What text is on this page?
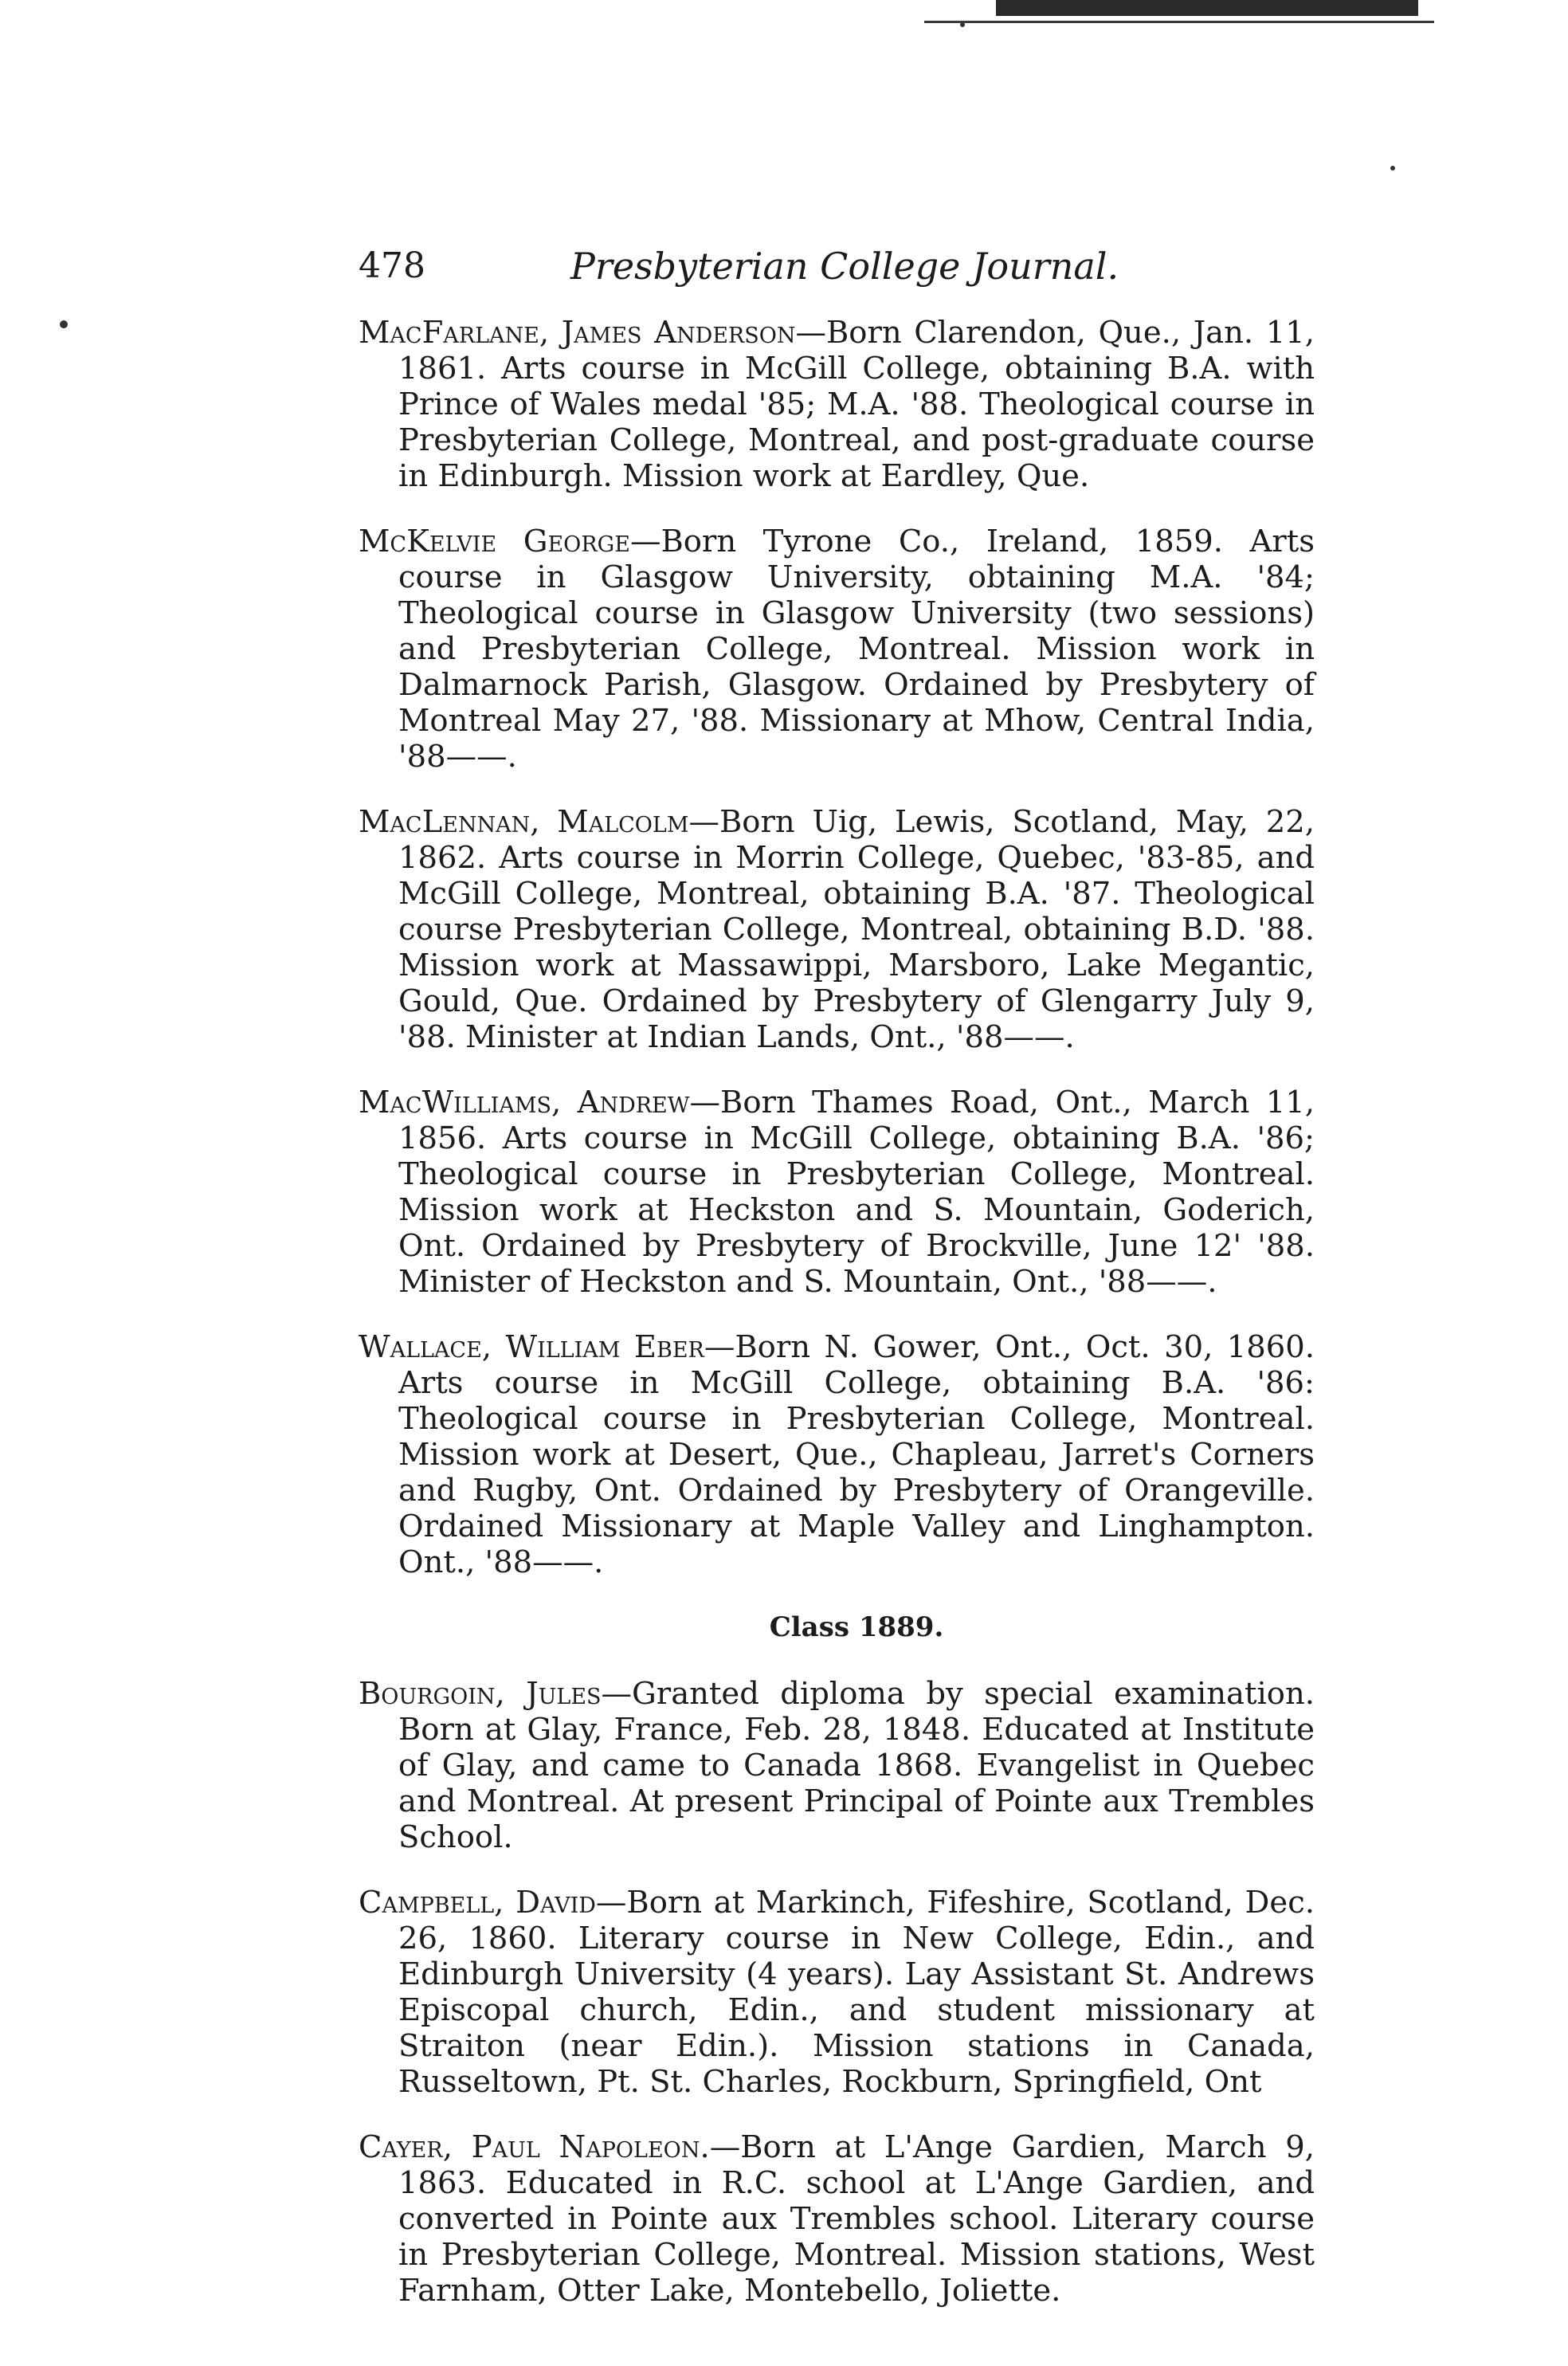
478	Presbyterian College Journal.

MacFarlane, James Anderson—Born Clarendon, Que., Jan. 11, 1861. Arts course in McGill College, obtaining B.A. with Prince of Wales medal '85; M.A. '88. Theological course in Presbyterian College, Montreal, and post-graduate course in Edinburgh. Mission work at Eardley, Que.

McKelvie George—Born Tyrone Co., Ireland, 1859. Arts course in Glasgow University, obtaining M.A. '84; Theological course in Glasgow University (two sessions) and Presbyterian College, Montreal. Mission work in Dalmarnock Parish, Glasgow. Ordained by Presbytery of Montreal May 27, '88. Missionary at Mhow, Central India, '88——.

MacLennan, Malcolm—Born Uig, Lewis, Scotland, May, 22, 1862. Arts course in Morrin College, Quebec, '83-85, and McGill College, Montreal, obtaining B.A. '87. Theological course Presbyterian College, Montreal, obtaining B.D. '88. Mission work at Massawippi, Marsboro, Lake Megantic, Gould, Que. Ordained by Presbytery of Glengarry July 9, '88. Minister at Indian Lands, Ont., '88——.

MacWilliams, Andrew—Born Thames Road, Ont., March 11, 1856. Arts course in McGill College, obtaining B.A. '86; Theological course in Presbyterian College, Montreal. Mission work at Heckston and S. Mountain, Goderich, Ont. Ordained by Presbytery of Brockville, June 12' '88. Minister of Heckston and S. Mountain, Ont., '88——.

Wallace, William Eber—Born N. Gower, Ont., Oct. 30, 1860. Arts course in McGill College, obtaining B.A. '86: Theological course in Presbyterian College, Montreal. Mission work at Desert, Que., Chapleau, Jarret's Corners and Rugby, Ont. Ordained by Presbytery of Orangeville. Ordained Missionary at Maple Valley and Linghampton. Ont., '88——.

Class 1889.

Bourgoin, Jules—Granted diploma by special examination. Born at Glay, France, Feb. 28, 1848. Educated at Institute of Glay, and came to Canada 1868. Evangelist in Quebec and Montreal. At present Principal of Pointe aux Trembles School.

Campbell, David—Born at Markinch, Fifeshire, Scotland, Dec. 26, 1860. Literary course in New College, Edin., and Edinburgh University (4 years). Lay Assistant St. Andrews Episcopal church, Edin., and student missionary at Straiton (near Edin.). Mission stations in Canada, Russeltown, Pt. St. Charles, Rockburn, Springfield, Ont

Cayer, Paul Napoleon.—Born at L'Ange Gardien, March 9, 1863. Educated in R.C. school at L'Ange Gardien, and converted in Pointe aux Trembles school. Literary course in Presbyterian College, Montreal. Mission stations, West Farnham, Otter Lake, Montebello, Joliette.
